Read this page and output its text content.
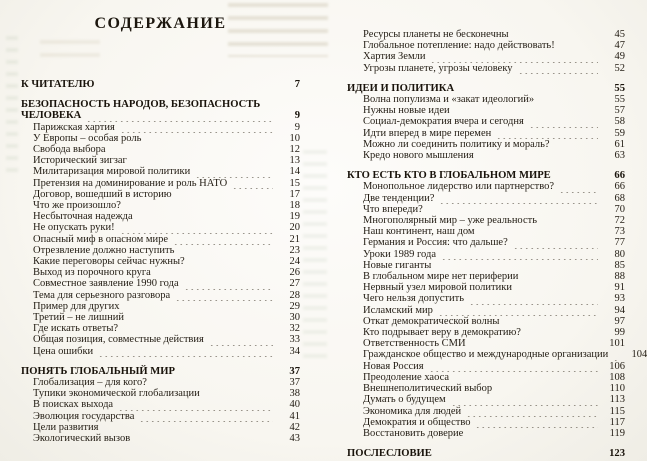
СОДЕРЖАНИЕ
К ЧИТАТЕЛЮ	7
БЕЗОПАСНОСТЬ НАРОДОВ, БЕЗОПАСНОСТЬ
ЧЕЛОВЕКА	9
Парижская хартия	9
У Европы – особая роль	10
Свобода выбора	12
Исторический зигзаг	13
Милитаризация мировой политики	14
Претензия на доминирование и роль НАТО	15
Договор, вошедший в историю	17
Что же произошло?	18
Несбыточная надежда	19
Не опускать руки!	20
Опасный миф в опасном мире	21
Отрезвление должно наступить	23
Какие переговоры сейчас нужны?	24
Выход из порочного круга	26
Совместное заявление 1990 года	27
Тема для серьезного разговора	28
Пример для других	29
Третий – не лишний	30
Где искать ответы?	32
Общая позиция, совместные действия	33
Цена ошибки	34
ПОНЯТЬ ГЛОБАЛЬНЫЙ МИР	37
Глобализация – для кого?	37
Тупики экономической глобализации	38
В поисках выхода	40
Эволюция государства	41
Цели развития	42
Экологический вызов	43
Ресурсы планеты не бесконечны	45
Глобальное потепление: надо действовать!	47
Хартия Земли	49
Угрозы планете, угрозы человеку	52
ИДЕИ И ПОЛИТИКА	55
Волна популизма и «закат идеологий»	55
Нужны новые идеи	57
Социал-демократия вчера и сегодня	58
Идти вперед в мире перемен	59
Можно ли соединить политику и мораль?	61
Кредо нового мышления	63
КТО ЕСТЬ КТО В ГЛОБАЛЬНОМ МИРЕ	66
Монопольное лидерство или партнерство?	66
Две тенденции?	68
Что впереди?	70
Многополярный мир – уже реальность	72
Наш континент, наш дом	73
Германия и Россия: что дальше?	77
Уроки 1989 года	80
Новые гиганты	85
В глобальном мире нет периферии	88
Нервный узел мировой политики	91
Чего нельзя допустить	93
Исламский мир	94
Откат демократической волны	97
Кто подрывает веру в демократию?	99
Ответственность СМИ	101
Гражданское общество и международные организации	104
Новая Россия	106
Преодоление хаоса	108
Внешнеполитический выбор	110
Думать о будущем	113
Экономика для людей	115
Демократия и общество	117
Восстановить доверие	119
ПОСЛЕСЛОВИЕ	123
